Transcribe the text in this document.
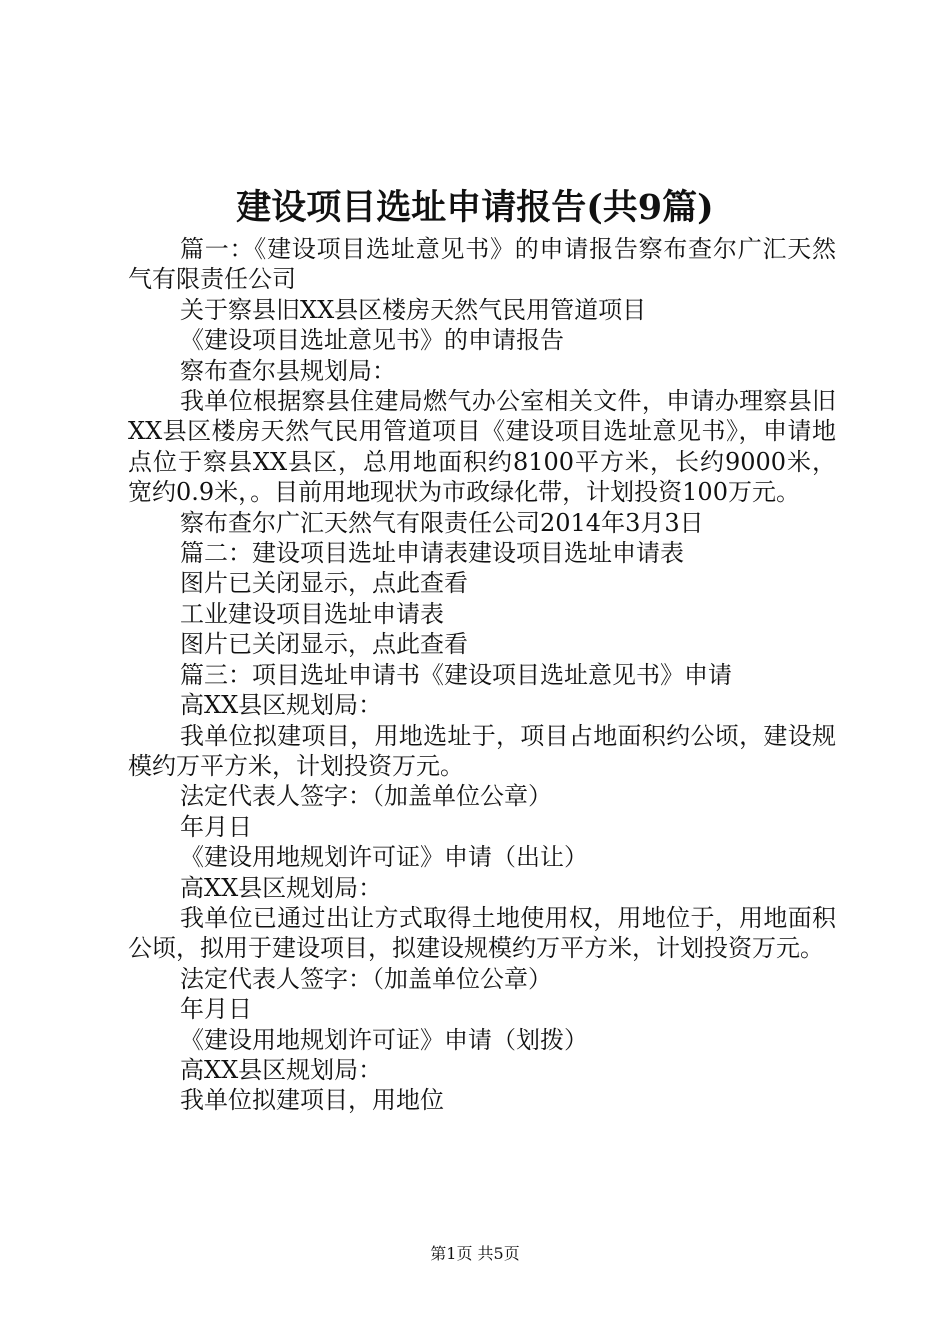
建设项目选址申请报告(共9篇)

篇一：《建设项目选址意见书》的申请报告察布查尔广汇天然气有限责任公司

关于察县旧XX县区楼房天然气民用管道项目

《建设项目选址意见书》的申请报告

察布查尔县规划局：

我单位根据察县住建局燃气办公室相关文件，申请办理察县旧XX县区楼房天然气民用管道项目《建设项目选址意见书》，申请地点位于察县XX县区，总用地面积约8100平方米，长约9000米，宽约0.9米，。目前用地现状为市政绿化带，计划投资100万元。

察布查尔广汇天然气有限责任公司2014年3月3日

篇二：建设项目选址申请表建设项目选址申请表

图片已关闭显示，点此查看

工业建设项目选址申请表

图片已关闭显示，点此查看

篇三：项目选址申请书《建设项目选址意见书》申请

高XX县区规划局：

我单位拟建项目，用地选址于，项目占地面积约公顷，建设规模约万平方米，计划投资万元。

法定代表人签字：（加盖单位公章）

年月日

《建设用地规划许可证》申请（出让）

高XX县区规划局：

我单位已通过出让方式取得土地使用权，用地位于，用地面积公顷，拟用于建设项目，拟建设规模约万平方米，计划投资万元。

法定代表人签字：（加盖单位公章）

年月日

《建设用地规划许可证》申请（划拨）

高XX县区规划局：

我单位拟建项目，用地位

第1页 共5页
